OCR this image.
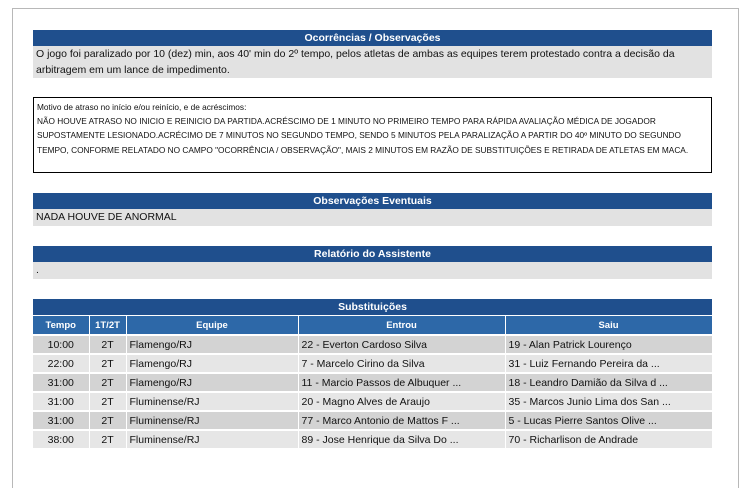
Ocorrências / Observações
O jogo foi paralizado por 10 (dez) min, aos 40' min do 2º tempo, pelos atletas de ambas as equipes terem protestado contra a decisão da arbitragem em um lance de impedimento.
Motivo de atraso no início e/ou reinício, e de acréscimos:
NÃO HOUVE ATRASO NO INICIO E REINICIO DA PARTIDA.ACRÉSCIMO DE 1 MINUTO NO PRIMEIRO TEMPO PARA RÁPIDA AVALIAÇÃO MÉDICA DE JOGADOR SUPOSTAMENTE LESIONADO.ACRÉCIMO DE 7 MINUTOS NO SEGUNDO TEMPO, SENDO 5 MINUTOS PELA PARALIZAÇÃO A PARTIR DO 40º MINUTO DO SEGUNDO TEMPO, CONFORME RELATADO NO CAMPO "OCORRÊNCIA / OBSERVAÇÃO", MAIS 2 MINUTOS EM RAZÃO DE SUBSTITUIÇÕES E RETIRADA DE ATLETAS EM MACA.
Observações Eventuais
NADA HOUVE DE ANORMAL
Relatório do Assistente
.
Substituições
Tempo	1T/2T	Equipe	Entrou	Saiu
10:00	2T	Flamengo/RJ	22 - Everton Cardoso Silva	19 - Alan Patrick Lourenço
22:00	2T	Flamengo/RJ	7 - Marcelo Cirino da Silva	31 - Luiz Fernando Pereira da ...
31:00	2T	Flamengo/RJ	11 - Marcio Passos de Albuquer ...	18 - Leandro Damião da Silva d ...
31:00	2T	Fluminense/RJ	20 - Magno Alves de Araujo	35 - Marcos Junio Lima dos San ...
31:00	2T	Fluminense/RJ	77 - Marco Antonio de Mattos F ...	5 - Lucas Pierre Santos Olive ...
38:00	2T	Fluminense/RJ	89 - Jose Henrique da Silva Do ...	70 - Richarlison de Andrade
